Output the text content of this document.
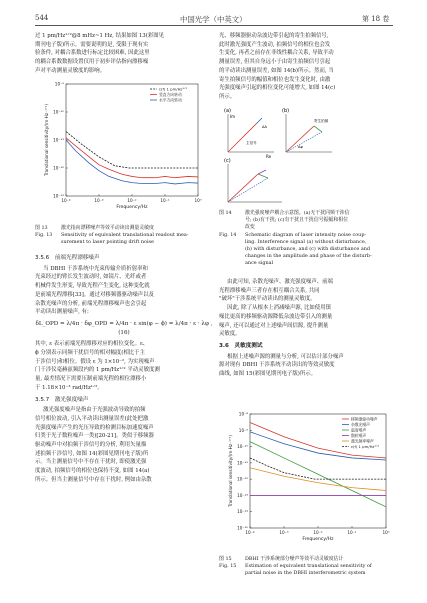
544	中国光学（中英文）	第 18 卷
过 1 pm/Hz¹ᐟ²@8 mHz~1 Hz, 结果如图 13(彩图见
期刊电子版)所示。需要说明的是, 受限于现有实
验条件, 对耦合系数进行标定比较困难, 因此这里
的耦合系数数据设置仅用于初步评估指向漂移噪
声对平动测量灵敏度的影响。
10⁻⁴	10⁻³	10⁻²	10⁻¹	10⁰
10⁻⁹
10⁻¹⁰
10⁻¹¹
10⁻¹²
10⁻¹³
Frequency/Hz
Translational sensitivity/(m·Hz⁻¹ᐟ²)
ε(f) 1 pm/Hz¹ᐟ²
竖直方向转动
水平方向转动
图 13	激光指向漂移噪声等效平动读出测量灵敏度
Fig. 13	Sensitivity of equivalent translational readout mea-
surement to laser pointing drift noise
3.5.6　前端光程漂移噪声
当 DBHI 干涉系统中光束传输介质折射率和
光束经过的臂长发生波动时, 如镜片、光纤或者
机械件发生形变, 导致光程产生变化, 这种变化就
是前端光程漂移[33]。通过对移频器驱动噪声以及
杂散光噪声的分析, 前端光程漂移噪声也会引起
平动读出测量噪声, 有:
δL_OPD = λ/4π · δφ_OPD = λ/4π · ε sin(φ − ϕ) = λ/4π · ε · λφ , (16)
其中, ε 表示前端光程漂移对应的相位变化。ε、
ϕ 分别表示同频干扰信号的相对幅度(相比于主
干涉信号)和相位。假设 ε 为 1×10⁻², 为实现噪声
门干涉仪毫赫兹频段内的 1 pm/Hz¹ᐟ² 平动灵敏度测
量, 最差情况下需要压制前端光程的相位漂移小
于 1.18×10⁻³ rad/Hz¹ᐟ²。
3.5.7　激光强度噪声
激光强度噪声是指由于光强波动导致的拍频
信号相位波动, 引入平动读出测量误差(此处把激
光强度噪声产生的光压导致的检测目标加速度噪声
归类于光子数粒噪声一类)[20-21]。类似于移频器
驱动噪声中对拍频干涉信号的分析, 利用矢量描
述拍频干涉信号, 如图 14(彩图见期刊电子版)所
示。当主测量信号中不存在干扰时, 即使激光强
度波动, 拍频信号的相位也保持不变, 如图 14(a)
所示。但当主测量信号中存在干扰时, 例如由杂散
光、移频器驱动杂波边带引起的寄生拍频信号,
此时激光强度产生波动, 拍频信号的相位也会发
生变化, 再者之前存在非线性耦合关系, 导致平动
测量误差, 但其自身远小于由寄生拍频信号引起
的平动读出测量误差, 如图 14(b)所示。然而, 当
寄生拍频信号的幅值和相位也发生变化时, 由激
光强度噪声引起的相位变化可能增大, 如图 14(c)
所示。
(a)
Im
Re
主信号
ΔA
(b)
寄生拍频
Δφ
(c)
图 14	激光强度噪声耦合示意图。(a)无干扰同频干涉信
号; (b)有干扰; (c)有干扰且干扰信号振幅和相位
改变
Fig. 14	Schematic diagram of laser intensity noise coup-
ling. Interference signal (a) without disturbance,
(b) with disturbance, and (c) with disturbance and
changes in the amplitude and phase of the disturb-
ance signal
由此可知, 杂散光噪声、激光强度噪声、前端
光程漂移噪声三者存在相互耦合关系, 共同
"破坏"干涉系统平动读出的测量灵敏度。
因此, 除了从根本上消减噪声源, 比如使用镇
噪比更高的移频驱动源降低杂波边带引入的测量
噪声, 还可以通过对上述噪声间信源, 提升测量
灵敏度。
3.6　灵敏度测试
根据上述噪声源的测量与分析, 可以估计部分噪声
源对现有 DBHI 干涉系统平动读出的等效灵敏度
曲线, 如图 15(彩图见期刊电子版)所示。
10⁻⁴	10⁻³	10⁻²	10⁻¹	10⁰
10⁻⁸
10⁻⁹
10⁻¹⁰
10⁻¹¹
10⁻¹²
10⁻¹³
10⁻¹⁴
10⁻¹⁵
Frequency/Hz
Translational sensitivity/(m·Hz⁻¹ᐟ²)
移频器驱动噪声
杂散光噪声
温度噪声
散粒噪声
激光频率噪声
ε(f) 1 pm/Hz¹ᐟ²
图 15	DBHI 干涉系统部分噪声等效平动灵敏度估计
Fig. 15	Estimation of equivalent translational sensitivity of
partial noise in the DBHI interferometric system
